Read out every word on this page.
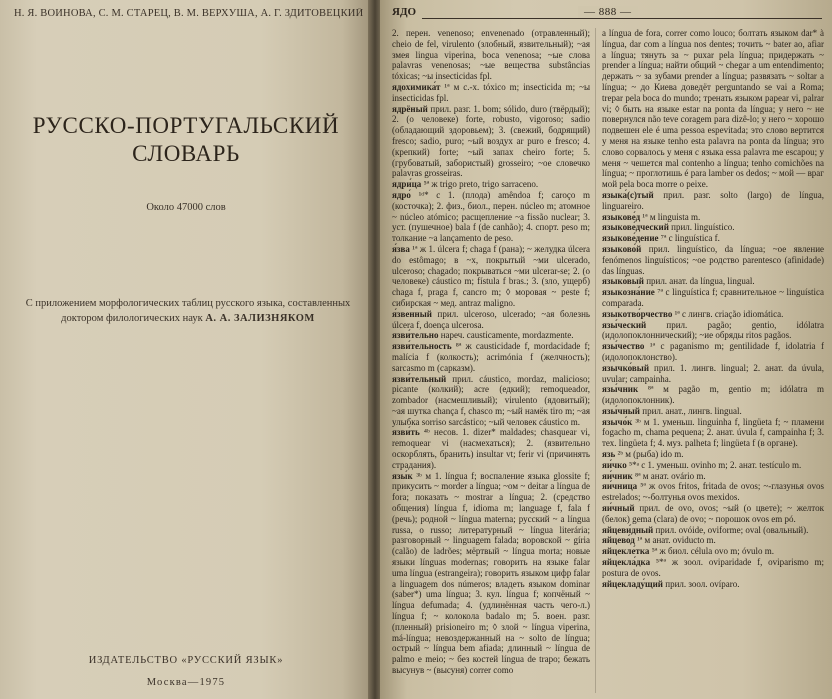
Н. Я. ВОИНОВА, С. М. СТАРЕЦ, В. М. ВЕРХУША, А. Г. ЗДИТОВЕЦКИЙ
РУССКО-ПОРТУГАЛЬСКИЙ
СЛОВАРЬ
Около 47000 слов
С приложением морфологических таблиц русского языка, составленных доктором филологических наук А. А. ЗАЛИЗНЯКОМ
ИЗДАТЕЛЬСТВО «РУССКИЙ ЯЗЫК»
Москва—1975
ЯДО	— 888 —
2. перен. venenoso; envenenado (отравленный); cheio de fel, virulento (злобный, язвительный); ~ая змея lingua viperina, boca venenosa; ~ые слова palavras venenosas; ~ые вещества substâncias tóxicas; ~ы insecticidas fpl.
ядохимика́т ¹ª м с.-х. tóxico m; insecticida m; ~ы insecticidas fpl.
ядрёный прил. разг. 1. bom; sólido, duro (твёрдый); 2. (о человеке) forte, robusto, vigoroso; sadio (обладающий здоровьем); 3. (свежий, бодрящий) fresco; sadio, puro; ~ый воздух ar puro e fresco; 4. (крепкий) forte; ~ый запах cheiro forte; 5. (грубоватый, забористый) grosseiro; ~ое словечко palavras grosseiras.
ядри́ца ⁵ª ж trigo preto, trigo sarraceno.
ядро́ ¹ᵈ* с 1. (плода) amêndoa f; caroço m (косточка); 2. физ., биол., перен. núcleo m; атомное ~ núcleo atómico; расщепление ~а fissão nuclear; 3. уст. (пушечное) bala f (de canhão); 4. спорт. peso m; толкание ~а lançamento de peso.
я́зва ¹ª ж 1. úlcera f; chaga f (рана); ~ желудка úlcera do estômago; в ~х, покрытый ~ми ulcerado, ulceroso; chagado; покрываться ~ми ulcerar-se; 2. (о человеке) cáustico m; fístula f bras.; 3. (зло, ущерб) chaga f, praga f, cancro m; ◊ моровая ~ peste f; сибирская ~ мед. antraz maligno.
я́звенный прил. ulceroso, ulcerado; ~ая болезнь úlcera f, doença ulcerosa.
язви́тельно нареч. causticamente, mordazmente.
язви́тельность ⁸ª ж causticidade f, mordacidade f; malícia f (колкость); acrimónia f (желчность); sarcasmo m (сарказм).
язви́тельный прил. cáustico, mordaz, malicioso; picante (колкий); acre (едкий); remoqueador, zombador (насмешливый); virulento (ядовитый); ~ая шутка chança f, chasco m; ~ый намёк tiro m; ~ая улыбка sorriso sarcástico; ~ый человек cáustico m.
язви́ть ⁴ᵇ несов. 1. dizer* maldades; chasquear vi, remoquear vi (насмехаться); 2. (язвительно оскорблять, бранить) insultar vt; ferir vi (причинять страдания).
язы́к ³ᵇ м 1. língua f; воспаление языка glossite f; прикусить ~ morder a língua; ~ом ~ deitar a língua de fora; показать ~ mostrar a língua; 2. (средство общения) língua f, idioma m; language f, fala f (речь); родной ~ língua materna; русский ~ a língua russa, o russo; литературный ~ língua literária; разговорный ~ linguagem falada; воровской ~ gíria (calão) de ladrões; мёртвый ~ língua morta; новые языки línguas modernas; говорить на языке falar uma língua (estrangeira); говорить языком цифр falar a linguagem dos números; владеть языком dominar (saber*) uma língua; 3. кул. língua f; копчёный ~ língua defumada; 4. (удлинённая часть чего-л.) língua f; ~ колокола badalo m; 5. воен. разг. (пленный) prisioneiro m; ◊ злой ~ língua viperina, má-língua; невоздержанный на ~ solto de língua; острый ~ língua bem afiada; длинный ~ língua de palmo e meio; ~ без костей língua de trapo; бежать высунув ~ (высуня) correr como
a língua de fora, correr como louco; болтать языком dar* à língua, dar com a língua nos dentes; точить ~ bater ao, afiar a língua; тянуть за ~ puxar pela língua; придержать ~ prender a língua; найти общий ~ chegar a um entendimento; держать ~ за зубами prender a língua; развязать ~ soltar a língua; ~ до Киева доведёт perguntando se vai a Roma; trepar pela boca do mundo; тренать языком papear vi, palrar vi; ◊ быть на языке estar na ponta da língua; у него ~ не повернулся não teve coragem para dizê-lo; у него ~ хорошо подвешен ele é uma pessoa espevitada; это слово вертится у меня на языке tenho esta palavra na ponta da língua; это слово сорвалось у меня с языка essa palavra me escapou; у меня ~ чешется mal contenho a língua; tenho comichões na língua; ~ проглотишь é para lamber os dedos; ~ мой — враг мой pela boca morre o peixe.
языка́(с)тый прил. разг. solto (largo) de língua, linguareiro.
языкове́д ¹ª м linguista m.
языкове́дческий прил. linguístico.
языкове́дение ⁷ª с linguística f.
языково́й прил. linguístico, da língua; ~ое явление fenómenos linguísticos; ~ое родство parentesco (afinidade) das línguas.
языко́вый прил. анат. da língua, lingual.
языкозна́ние ⁷ª с linguística f; сравнительное ~ linguística comparada.
языкотво́рчество ¹ª с лингв. criação idiomática.
язы́ческий прил. pagão; gentio, idólatra (идолопоклоннический); ~ие обряды ritos pagãos.
язы́чество ¹ª с paganismo m; gentilidade f, idolatria f (идолопоклонство).
язычко́вый прил. 1. лингв. lingual; 2. анат. da úvula, uvular; campainha.
язы́чник ⁸ª м pagão m, gentio m; idólatra m (идолопоклонник).
язы́чный прил. анат., лингв. lingual.
язычо́к ³ᵇ м 1. уменьш. linguinha f, lingüeta f; ~ пламени fogacho m, chama pequena; 2. анат. úvula f, campainha f; 3. тех. lingüeta f; 4. муз. palheta f; lingüeta f (в органе).
язь ²ᵇ м (рыба) ido m.
яи́чко ⁵*ᵃ с 1. уменьш. ovinho m; 2. анат. testículo m.
яи́чник ⁸ª м анат. ovário m.
яи́чница ⁵ª ж ovos fritos, fritada de ovos; ~-глазунья ovos estrelados; ~-болтунья ovos mexidos.
яи́чный прил. de ovo, ovos; ~ый (о цвете); ~ желток (белок) gema (clara) de ovo; ~ порошок ovos em pó.
яйцеви́дный прил. ovóide, oviforme; oval (овальный).
яйцево́д ¹ª м анат. oviducto m.
яйцекле́тка ⁵ª ж биол. célula ovo m; óvulo m.
яйцекла́дка ⁵*ª ж зоол. oviparidade f, oviparismo m; postura de ovos.
яйцекладу́щий прил. зоол. ovíparo.
